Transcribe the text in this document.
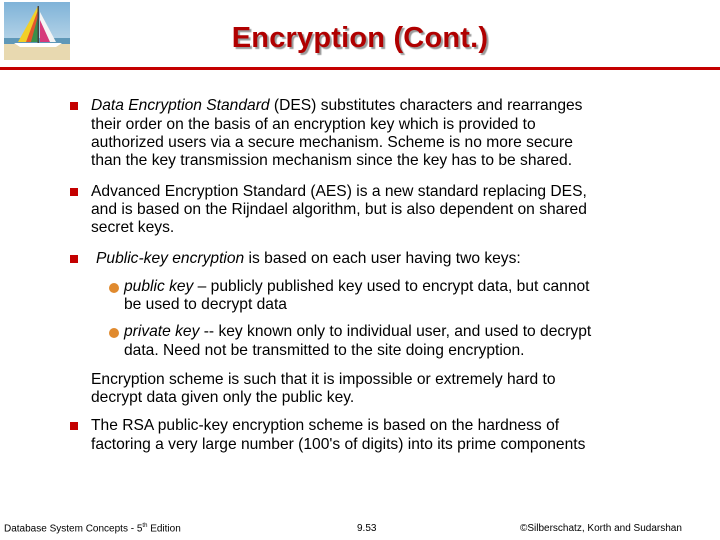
Encryption (Cont.)
Data Encryption Standard (DES) substitutes characters and rearranges
their order on the basis of an encryption key which is provided to
authorized users via a secure mechanism. Scheme is no more secure
than the key transmission mechanism since the key has to be shared.
Advanced Encryption Standard (AES) is a new standard replacing DES,
and is based on the Rijndael algorithm, but is also dependent on shared
secret keys.
Public-key encryption is based on each user having two keys:
public key – publicly published key used to encrypt data, but cannot
be used to decrypt data
private key -- key known only to individual user, and used to decrypt
data. Need not be transmitted to the site doing encryption.
Encryption scheme is such that it is impossible or extremely hard to
decrypt data given only the public key.
The RSA public-key encryption scheme is based on the hardness of
factoring a very large number (100's of digits) into its prime components
Database System Concepts - 5th Edition	9.53	©Silberschatz, Korth and Sudarshan
